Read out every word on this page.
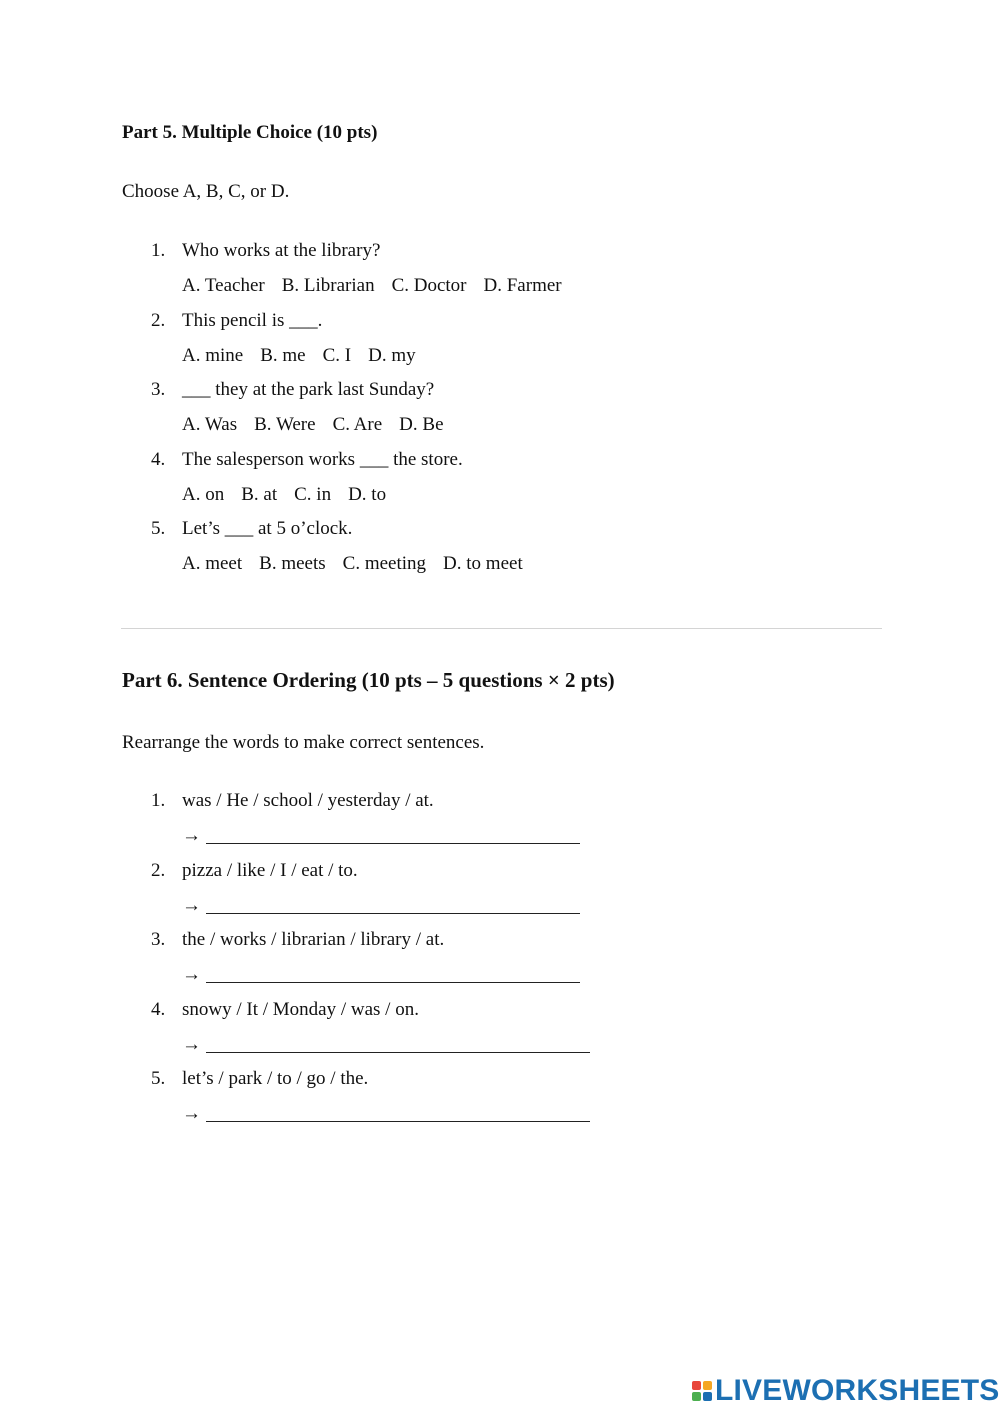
Part 5. Multiple Choice (10 pts)

Choose A, B, C, or D.

1. Who works at the library?
A. Teacher B. Librarian C. Doctor D. Farmer
2. This pencil is ___.
A. mine B. me C. I D. my
3. ___ they at the park last Sunday?
A. Was B. Were C. Are D. Be
4. The salesperson works ___ the store.
A. on B. at C. in D. to
5. Let’s ___ at 5 o’clock.
A. meet B. meets C. meeting D. to meet
Part 6. Sentence Ordering (10 pts – 5 questions × 2 pts)

Rearrange the words to make correct sentences.

1. was / He / school / yesterday / at.
→
2. pizza / like / I / eat / to.
→
3. the / works / librarian / library / at.
→
4. snowy / It / Monday / was / on.
→
5. let’s / park / to / go / the.
→
LIVEWORKSHEETS
